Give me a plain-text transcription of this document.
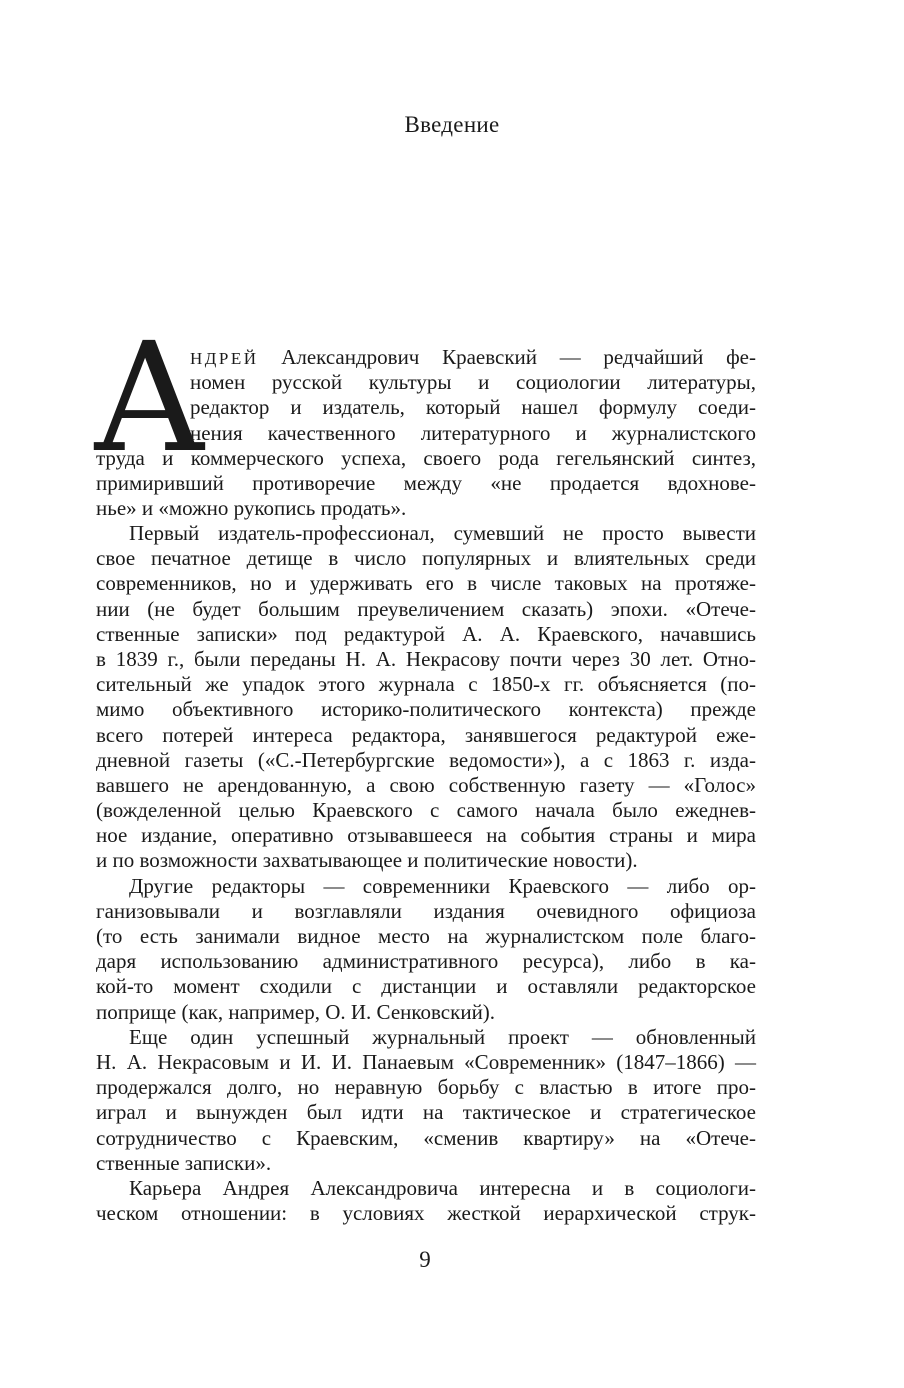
Введение
А
НДРЕЙ Александрович Краевский — редчайший фе-
номен русской культуры и социологии литературы,
редактор и издатель, который нашел формулу соеди-
нения качественного литературного и журналистского
труда и коммерческого успеха, своего рода гегельянский синтез,
примиривший противоречие между «не продается вдохнове-
нье» и «можно рукопись продать».
Первый издатель-профессионал, сумевший не просто вывести
свое печатное детище в число популярных и влиятельных среди
современников, но и удерживать его в числе таковых на протяже-
нии (не будет большим преувеличением сказать) эпохи. «Отече-
ственные записки» под редактурой А. А. Краевского, начавшись
в 1839 г., были переданы Н. А. Некрасову почти через 30 лет. Отно-
сительный же упадок этого журнала с 1850-х гг. объясняется (по-
мимо объективного историко-политического контекста) прежде
всего потерей интереса редактора, занявшегося редактурой еже-
дневной газеты («С.-Петербургские ведомости»), а с 1863 г. изда-
вавшего не арендованную, а свою собственную газету — «Голос»
(вожделенной целью Краевского с самого начала было ежеднев-
ное издание, оперативно отзывавшееся на события страны и мира
и по возможности захватывающее и политические новости).
Другие редакторы — современники Краевского — либо ор-
ганизовывали и возглавляли издания очевидного официоза
(то есть занимали видное место на журналистском поле благо-
даря использованию административного ресурса), либо в ка-
кой-то момент сходили с дистанции и оставляли редакторское
поприще (как, например, О. И. Сенковский).
Еще один успешный журнальный проект — обновленный
Н. А. Некрасовым и И. И. Панаевым «Современник» (1847–1866) —
продержался долго, но неравную борьбу с властью в итоге про-
играл и вынужден был идти на тактическое и стратегическое
сотрудничество с Краевским, «сменив квартиру» на «Отече-
ственные записки».
Карьера Андрея Александровича интересна и в социологи-
ческом отношении: в условиях жесткой иерархической струк-
9
